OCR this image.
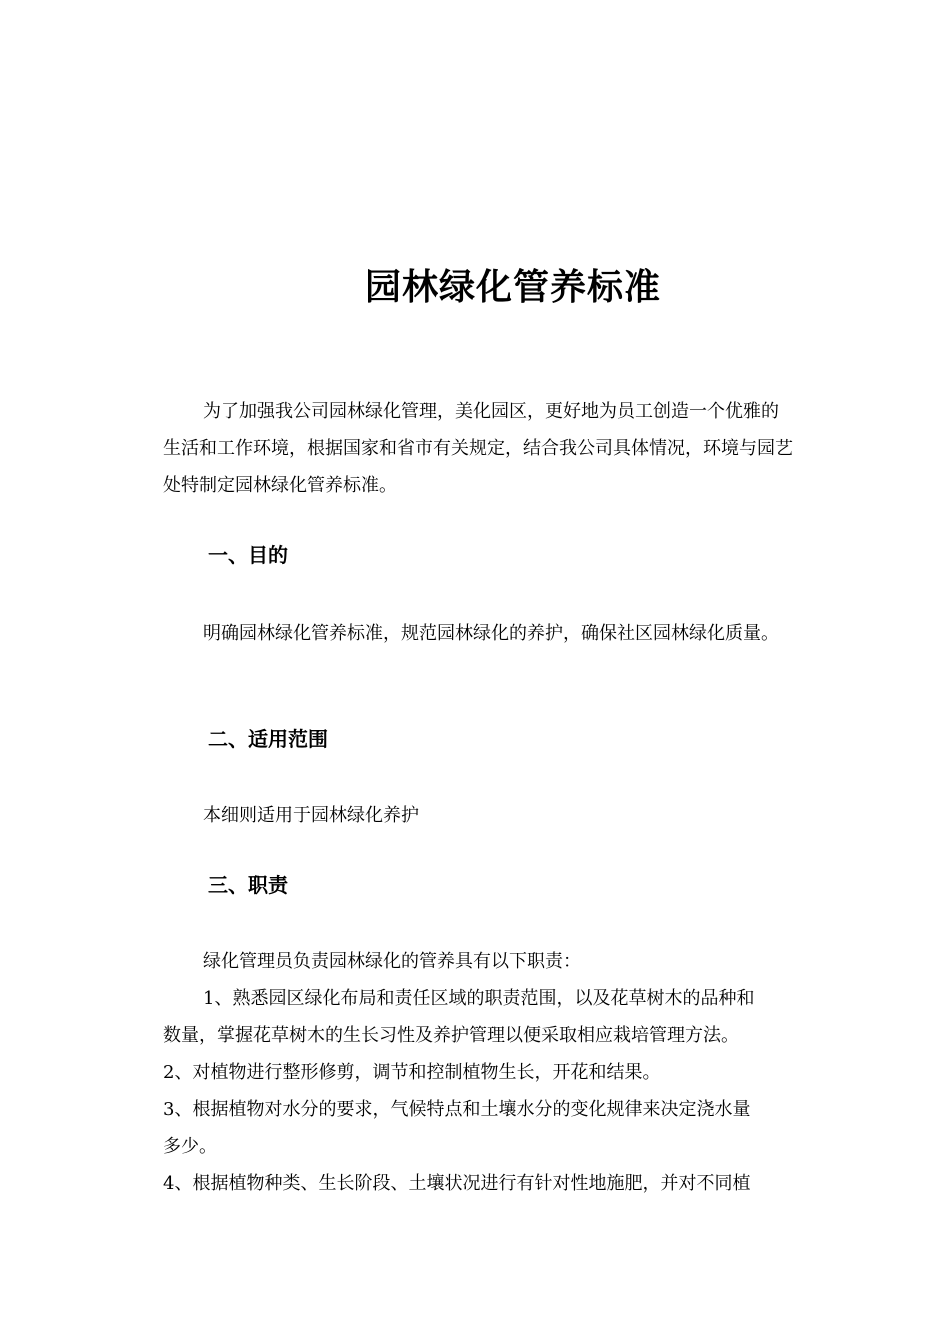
园林绿化管养标准

为了加强我公司园林绿化管理，美化园区，更好地为员工创造一个优雅的生活和工作环境，根据国家和省市有关规定，结合我公司具体情况，环境与园艺处特制定园林绿化管养标准。

一、目的

明确园林绿化管养标准，规范园林绿化的养护，确保社区园林绿化质量。

二、适用范围
本细则适用于园林绿化养护
三、职责
绿化管理员负责园林绿化的管养具有以下职责：
1、熟悉园区绿化布局和责任区域的职责范围，以及花草树木的品种和
数量，掌握花草树木的生长习性及养护管理以便采取相应栽培管理方法。
2、对植物进行整形修剪，调节和控制植物生长，开花和结果。
3、根据植物对水分的要求，气候特点和土壤水分的变化规律来决定浇水量
多少。
4、根据植物种类、生长阶段、土壤状况进行有针对性地施肥，并对不同植
